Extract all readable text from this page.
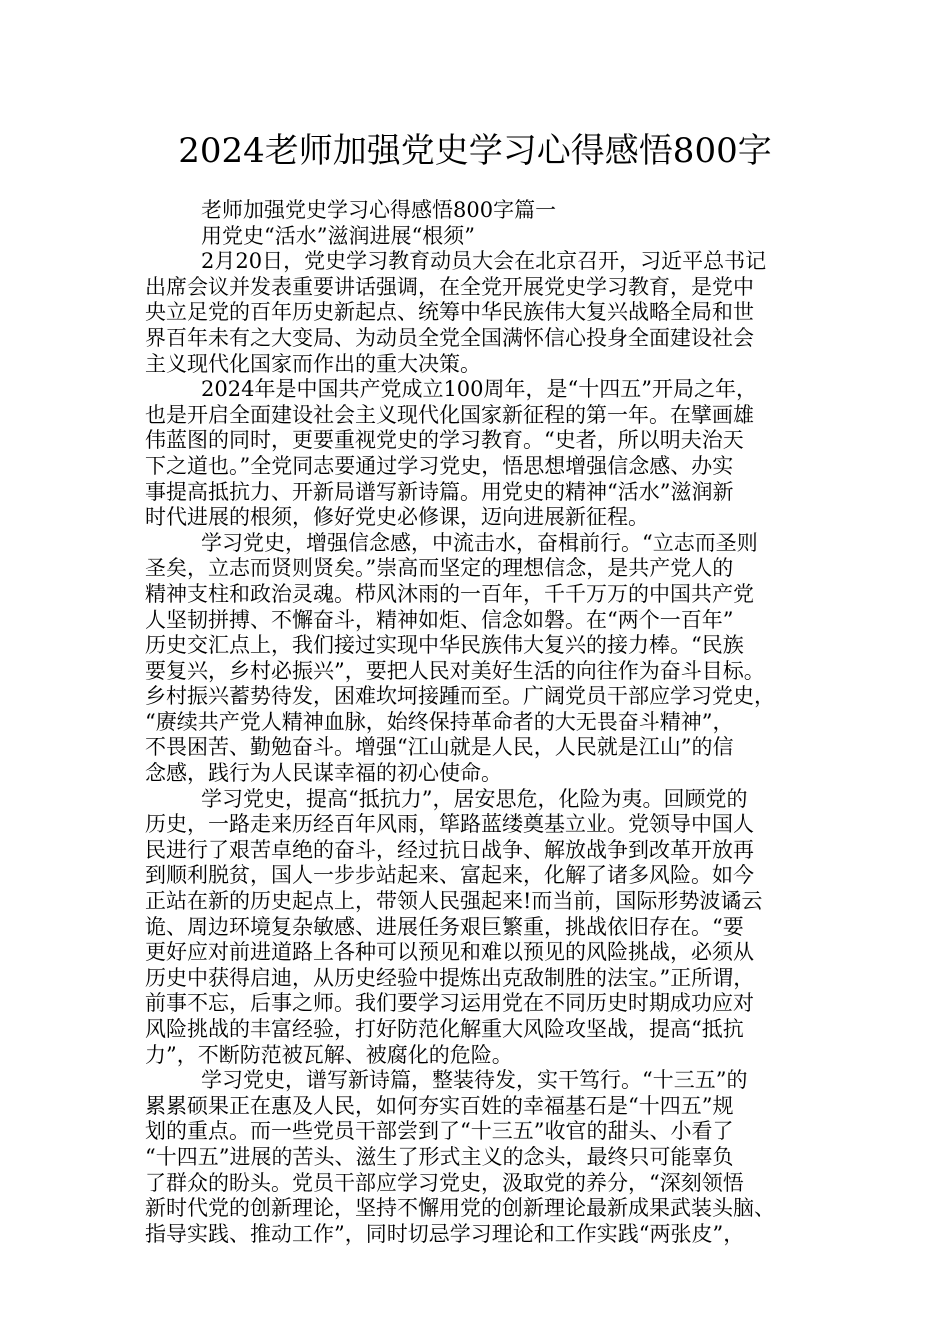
2024老师加强党史学习心得感悟800字
老师加强党史学习心得感悟800字篇一
用党史“活水”滋润进展“根须”
2月20日，党史学习教育动员大会在北京召开，习近平总书记
出席会议并发表重要讲话强调，在全党开展党史学习教育，是党中
央立足党的百年历史新起点、统筹中华民族伟大复兴战略全局和世
界百年未有之大变局、为动员全党全国满怀信心投身全面建设社会
主义现代化国家而作出的重大决策。
2024年是中国共产党成立100周年，是“十四五”开局之年，
也是开启全面建设社会主义现代化国家新征程的第一年。在擘画雄
伟蓝图的同时，更要重视党史的学习教育。“史者，所以明夫治天
下之道也。”全党同志要通过学习党史，悟思想增强信念感、办实
事提高抵抗力、开新局谱写新诗篇。用党史的精神“活水”滋润新
时代进展的根须，修好党史必修课，迈向进展新征程。
学习党史，增强信念感，中流击水，奋楫前行。“立志而圣则
圣矣，立志而贤则贤矣。”崇高而坚定的理想信念，是共产党人的
精神支柱和政治灵魂。栉风沐雨的一百年，千千万万的中国共产党
人坚韧拼搏、不懈奋斗，精神如炬、信念如磐。在“两个一百年”
历史交汇点上，我们接过实现中华民族伟大复兴的接力棒。“民族
要复兴，乡村必振兴”，要把人民对美好生活的向往作为奋斗目标。
乡村振兴蓄势待发，困难坎坷接踵而至。广阔党员干部应学习党史，
“赓续共产党人精神血脉，始终保持革命者的大无畏奋斗精神”，
不畏困苦、勤勉奋斗。增强“江山就是人民，人民就是江山”的信
念感，践行为人民谋幸福的初心使命。
学习党史，提高“抵抗力”，居安思危，化险为夷。回顾党的
历史，一路走来历经百年风雨，筚路蓝缕奠基立业。党领导中国人
民进行了艰苦卓绝的奋斗，经过抗日战争、解放战争到改革开放再
到顺利脱贫，国人一步步站起来、富起来，化解了诸多风险。如今
正站在新的历史起点上，带领人民强起来!而当前，国际形势波谲云
诡、周边环境复杂敏感、进展任务艰巨繁重，挑战依旧存在。“要
更好应对前进道路上各种可以预见和难以预见的风险挑战，必须从
历史中获得启迪，从历史经验中提炼出克敌制胜的法宝。”正所谓，
前事不忘，后事之师。我们要学习运用党在不同历史时期成功应对
风险挑战的丰富经验，打好防范化解重大风险攻坚战，提高“抵抗
力”，不断防范被瓦解、被腐化的危险。
学习党史，谱写新诗篇，整装待发，实干笃行。“十三五”的
累累硕果正在惠及人民，如何夯实百姓的幸福基石是“十四五”规
划的重点。而一些党员干部尝到了“十三五”收官的甜头、小看了
“十四五”进展的苦头、滋生了形式主义的念头，最终只可能辜负
了群众的盼头。党员干部应学习党史，汲取党的养分，“深刻领悟
新时代党的创新理论，坚持不懈用党的创新理论最新成果武装头脑、
指导实践、推动工作”，同时切忌学习理论和工作实践“两张皮”，
